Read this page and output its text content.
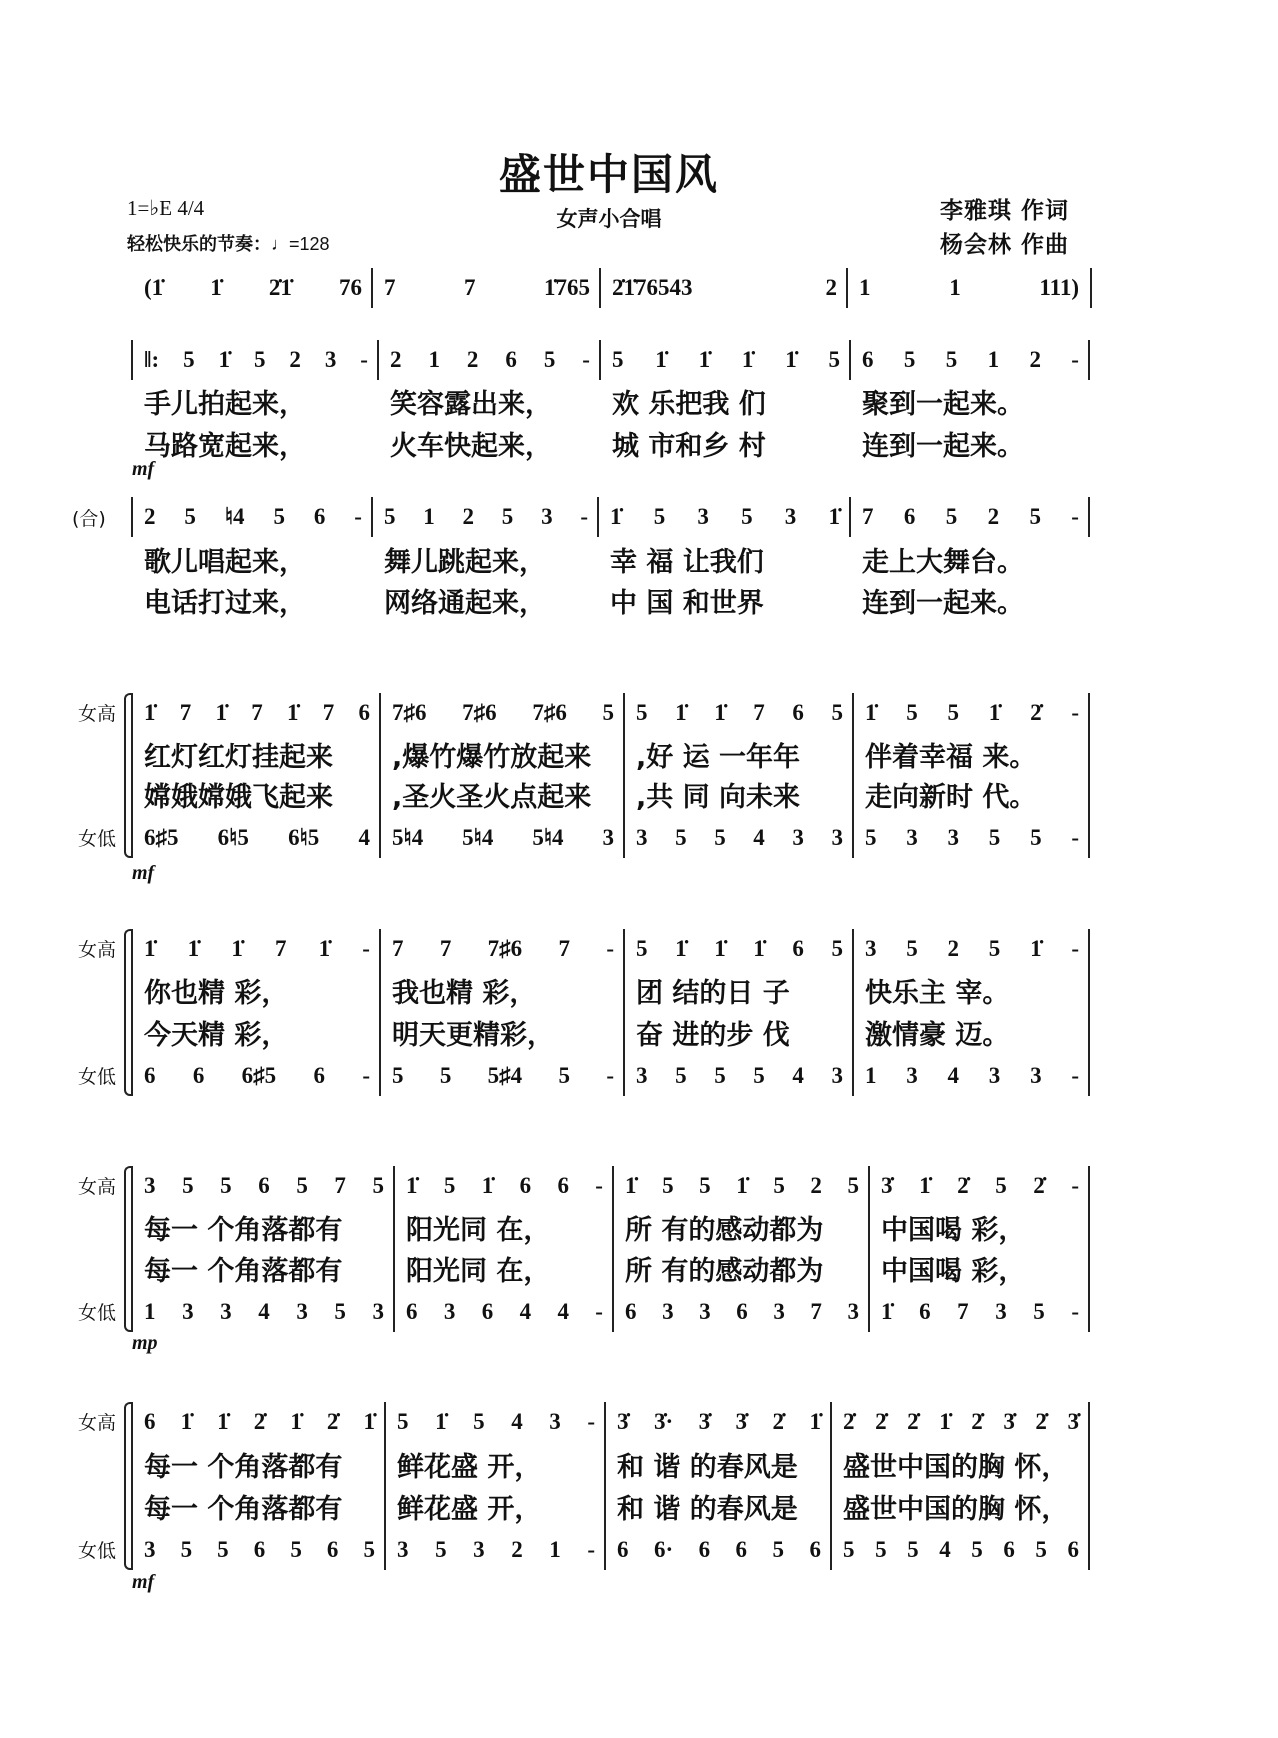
盛世中国风
女声小合唱
1=♭E 4/4
轻松快乐的节奏：♩=128
李雅琪 作词
杨会林 作曲
(1̇ 1̇ 2̇1̇ 76 7	7	1̇765 2̇1̇76543	2 1	1	111)
‖: 5 1̇ 5 2 3 - 2 1 2 6 5 - 5 1̇ 1̇ 1̇ 1̇ 5 6 5 5 1 2 -
手儿拍起来，	笑容露出来， 欢 乐把我 们	聚到一起来。
马路宽起来，	火车快起来， 城 市和乡 村	连到一起来。
mf
2 5 ♮4 5 6 - 5 1 2 5 3 - 1̇ 5 3 5 3 1̇ 7 6 5 2 5 -
歌儿唱起来，	舞儿跳起来， 幸 福 让我们	走上大舞台。
电话打过来，	网络通起来， 中 国 和世界	连到一起来。
(合)
1̇ 7 1̇ 7 1̇ 7 6 7♯6 7♯6 7♯6 5 5 1̇ 1̇ 7 6 5 1̇ 5 5 1̇ 2̇ -
红灯红灯挂起来 ,爆竹爆竹放起来 ,好 运 一年年 伴着幸福 来。
嫦娥嫦娥飞起来 ,圣火圣火点起来 ,共 同 向未来 走向新时 代。
6♯5 6♮5 6♮5 4 5♮4 5♮4 5♮4 3 3 5 5 4 3 3 5 3 3 5 5 -
女高
女低
mf
1̇ 1̇ 1̇ 7 1̇ - 7 7 7♯6 7 - 5 1̇ 1̇ 1̇ 6 5 3 5 2 5 1̇ -
你也精 彩，	我也精 彩，	团 结的日 子	快乐主 宰。
今天精 彩，	明天更精彩，	奋 进的步 伐	激情豪 迈。
6 6 6♯5 6 - 5 5 5♯4 5 - 3 5 5 5 4 3 1 3 4 3 3 -
女高
女低
3 5 5 6 5 7 5 1̇ 5 1̇ 6 6 - 1̇ 5 5 1̇ 5 2 5 3̇ 1̇ 2̇ 5 2̇ -
每一 个角落都有 阳光同 在，	所 有的感动都为 中国喝 彩，
每一 个角落都有 阳光同 在，	所 有的感动都为 中国喝 彩，
1 3 3 4 3 5 3 6 3 6 4 4 - 6 3 3 6 3 7 3 1̇ 6 7 3 5 -
女高
女低
mp
6 1̇ 1̇ 2̇ 1̇ 2̇ 1̇ 5 1̇ 5 4 3 - 3̇ 3̇· 3̇ 3̇ 2̇ 1̇ 2̇ 2̇ 2̇ 1̇ 2̇ 3̇ 2̇ 3̇
每一 个角落都有 鲜花盛 开，	和 谐 的春风是 盛世中国的胸 怀，
每一 个角落都有 鲜花盛 开，	和 谐 的春风是 盛世中国的胸 怀，
3 5 5 6 5 6 5 3 5 3 2 1 - 6 6· 6 6 5 6 5 5 5 4 5 6 5 6
女高
女低
mf
